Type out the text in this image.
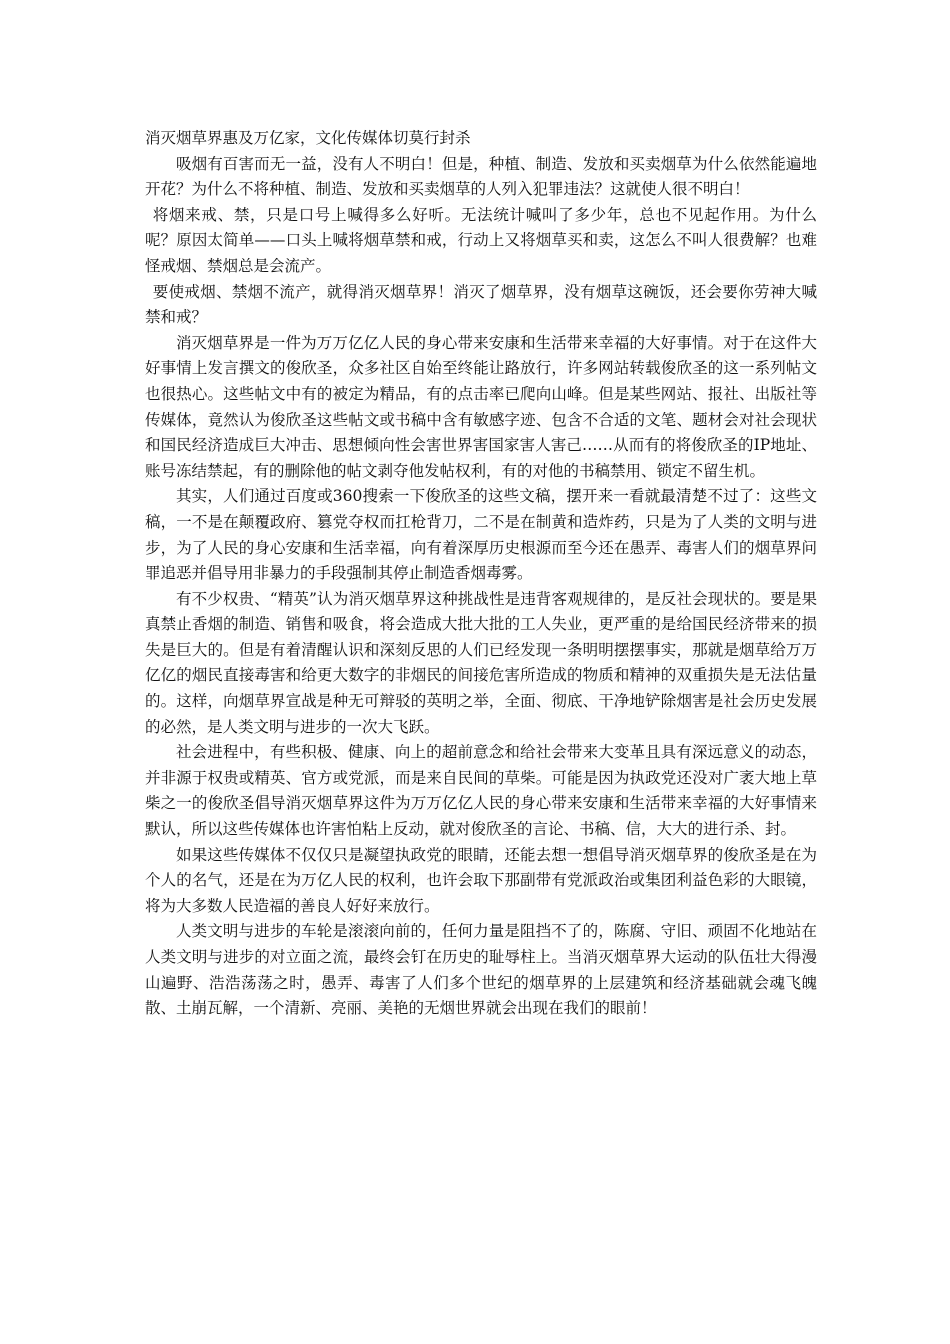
消灭烟草界惠及万亿家，文化传媒体切莫行封杀

吸烟有百害而无一益，没有人不明白！但是，种植、制造、发放和买卖烟草为什么依然能遍地开花？为什么不将种植、制造、发放和买卖烟草的人列入犯罪违法？这就使人很不明白！

将烟来戒、禁，只是口号上喊得多么好听。无法统计喊叫了多少年，总也不见起作用。为什么呢？原因太简单——口头上喊将烟草禁和戒，行动上又将烟草买和卖，这怎么不叫人很费解？也难怪戒烟、禁烟总是会流产。

要使戒烟、禁烟不流产，就得消灭烟草界！消灭了烟草界，没有烟草这碗饭，还会要你劳神大喊禁和戒？

消灭烟草界是一件为万万亿亿人民的身心带来安康和生活带来幸福的大好事情。对于在这件大好事情上发言撰文的俊欣圣，众多社区自始至终能让路放行，许多网站转载俊欣圣的这一系列帖文也很热心。这些帖文中有的被定为精品，有的点击率已爬向山峰。但是某些网站、报社、出版社等传媒体，竟然认为俊欣圣这些帖文或书稿中含有敏感字迹、包含不合适的文笔、题材会对社会现状和国民经济造成巨大冲击、思想倾向性会害世界害国家害人害己……从而有的将俊欣圣的IP地址、账号冻结禁起，有的删除他的帖文剥夺他发帖权利，有的对他的书稿禁用、锁定不留生机。

其实，人们通过百度或360搜索一下俊欣圣的这些文稿，摆开来一看就最清楚不过了：这些文稿，一不是在颠覆政府、篡党夺权而扛枪背刀，二不是在制黄和造炸药，只是为了人类的文明与进步，为了人民的身心安康和生活幸福，向有着深厚历史根源而至今还在愚弄、毒害人们的烟草界问罪追恶并倡导用非暴力的手段强制其停止制造香烟毒雾。

有不少权贵、“精英”认为消灭烟草界这种挑战性是违背客观规律的，是反社会现状的。要是果真禁止香烟的制造、销售和吸食，将会造成大批大批的工人失业，更严重的是给国民经济带来的损失是巨大的。但是有着清醒认识和深刻反思的人们已经发现一条明明摆摆事实，那就是烟草给万万亿亿的烟民直接毒害和给更大数字的非烟民的间接危害所造成的物质和精神的双重损失是无法估量的。这样，向烟草界宣战是种无可辩驳的英明之举，全面、彻底、干净地铲除烟害是社会历史发展的必然，是人类文明与进步的一次大飞跃。

社会进程中，有些积极、健康、向上的超前意念和给社会带来大变革且具有深远意义的动态，并非源于权贵或精英、官方或党派，而是来自民间的草柴。可能是因为执政党还没对广袤大地上草柴之一的俊欣圣倡导消灭烟草界这件为万万亿亿人民的身心带来安康和生活带来幸福的大好事情来默认，所以这些传媒体也许害怕粘上反动，就对俊欣圣的言论、书稿、信，大大的进行杀、封。

如果这些传媒体不仅仅只是凝望执政党的眼睛，还能去想一想倡导消灭烟草界的俊欣圣是在为个人的名气，还是在为万亿人民的权利，也许会取下那副带有党派政治或集团利益色彩的大眼镜，将为大多数人民造福的善良人好好来放行。

人类文明与进步的车轮是滚滚向前的，任何力量是阻挡不了的，陈腐、守旧、顽固不化地站在人类文明与进步的对立面之流，最终会钉在历史的耻辱柱上。当消灭烟草界大运动的队伍壮大得漫山遍野、浩浩荡荡之时，愚弄、毒害了人们多个世纪的烟草界的上层建筑和经济基础就会魂飞魄散、土崩瓦解，一个清新、亮丽、美艳的无烟世界就会出现在我们的眼前！
